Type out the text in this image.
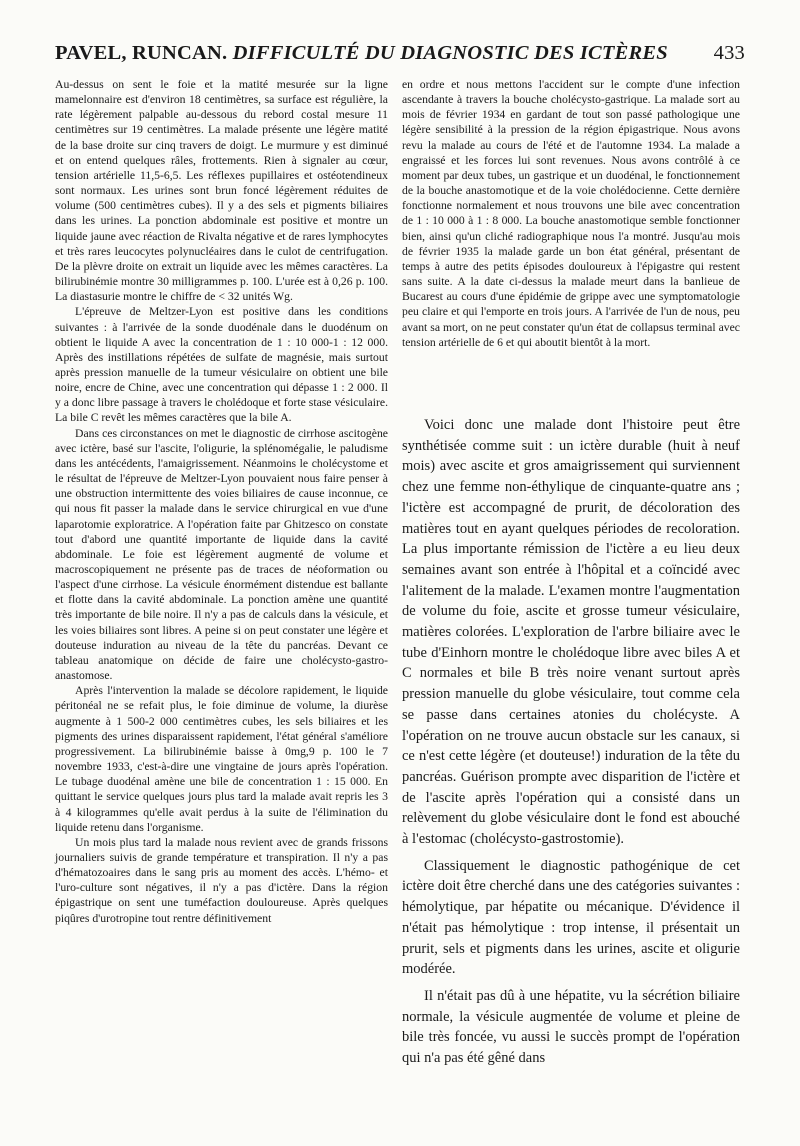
PAVEL, RUNCAN. DIFFICULTÉ DU DIAGNOSTIC DES ICTÈRES 433

Au-dessus on sent le foie et la matité mesurée sur la ligne mamelonnaire est d'environ 18 centimètres, sa surface est régulière, la rate légèrement palpable au-dessous du rebord costal mesure 11 centimètres sur 19 centimètres. La malade présente une légère matité de la base droite sur cinq travers de doigt. Le murmure y est diminué et on entend quelques râles, frottements. Rien à signaler au cœur, tension artérielle 11,5-6,5. Les réflexes pupillaires et ostéotendineux sont normaux. Les urines sont brun foncé légèrement réduites de volume (500 centimètres cubes). Il y a des sels et pigments biliaires dans les urines. La ponction abdominale est positive et montre un liquide jaune avec réaction de Rivalta négative et de rares lymphocytes et très rares leucocytes polynucléaires dans le culot de centrifugation. De la plèvre droite on extrait un liquide avec les mêmes caractères. La bilirubinémie montre 30 milligrammes p. 100. L'urée est à 0,26 p. 100. La diastasurie montre le chiffre de < 32 unités Wg.

L'épreuve de Meltzer-Lyon est positive dans les conditions suivantes : à l'arrivée de la sonde duodénale dans le duodénum on obtient le liquide A avec la concentration de 1 : 10 000-1 : 12 000. Après des instillations répétées de sulfate de magnésie, mais surtout après pression manuelle de la tumeur vésiculaire on obtient une bile noire, encre de Chine, avec une concentration qui dépasse 1 : 2 000. Il y a donc libre passage à travers le cholédoque et forte stase vésiculaire. La bile C revêt les mêmes caractères que la bile A.

Dans ces circonstances on met le diagnostic de cirrhose ascitogène avec ictère, basé sur l'ascite, l'oligurie, la splénomégalie, le paludisme dans les antécédents, l'amaigrissement. Néanmoins le cholécystome et le résultat de l'épreuve de Meltzer-Lyon pouvaient nous faire penser à une obstruction intermittente des voies biliaires de cause inconnue, ce qui nous fit passer la malade dans le service chirurgical en vue d'une laparotomie exploratrice. A l'opération faite par Ghitzesco on constate tout d'abord une quantité importante de liquide dans la cavité abdominale. Le foie est légèrement augmenté de volume et macroscopiquement ne présente pas de traces de néoformation ou l'aspect d'une cirrhose. La vésicule énormément distendue est ballante et flotte dans la cavité abdominale. La ponction amène une quantité très importante de bile noire. Il n'y a pas de calculs dans la vésicule, et les voies biliaires sont libres. A peine si on peut constater une légère et douteuse induration au niveau de la tête du pancréas. Devant ce tableau anatomique on décide de faire une cholécysto-gastro-anastomose.

Après l'intervention la malade se décolore rapidement, le liquide péritonéal ne se refait plus, le foie diminue de volume, la diurèse augmente à 1 500-2 000 centimètres cubes, les sels biliaires et les pigments des urines disparaissent rapidement, l'état général s'améliore progressivement. La bilirubinémie baisse à 0mg,9 p. 100 le 7 novembre 1933, c'est-à-dire une vingtaine de jours après l'opération. Le tubage duodénal amène une bile de concentration 1 : 15 000. En quittant le service quelques jours plus tard la malade avait repris les 3 à 4 kilogrammes qu'elle avait perdus à la suite de l'élimination du liquide retenu dans l'organisme.

Un mois plus tard la malade nous revient avec de grands frissons journaliers suivis de grande température et transpiration. Il n'y a pas d'hématozoaires dans le sang pris au moment des accès. L'hémo- et l'uro-culture sont négatives, il n'y a pas d'ictère. Dans la région épigastrique on sent une tuméfaction douloureuse. Après quelques piqûres d'urotropine tout rentre définitivement

en ordre et nous mettons l'accident sur le compte d'une infection ascendante à travers la bouche cholécysto-gastrique. La malade sort au mois de février 1934 en gardant de tout son passé pathologique une légère sensibilité à la pression de la région épigastrique. Nous avons revu la malade au cours de l'été et de l'automne 1934. La malade a engraissé et les forces lui sont revenues. Nous avons contrôlé à ce moment par deux tubes, un gastrique et un duodénal, le fonctionnement de la bouche anastomotique et de la voie cholédocienne. Cette dernière fonctionne normalement et nous trouvons une bile avec concentration de 1 : 10 000 à 1 : 8 000. La bouche anastomotique semble fonctionner bien, ainsi qu'un cliché radiographique nous l'a montré. Jusqu'au mois de février 1935 la malade garde un bon état général, présentant de temps à autre des petits épisodes douloureux à l'épigastre qui restent sans suite. A la date ci-dessus la malade meurt dans la banlieue de Bucarest au cours d'une épidémie de grippe avec une symptomatologie peu claire et qui l'emporte en trois jours. A l'arrivée de l'un de nous, peu avant sa mort, on ne peut constater qu'un état de collapsus terminal avec tension artérielle de 6 et qui aboutit bientôt à la mort.

Voici donc une malade dont l'histoire peut être synthétisée comme suit : un ictère durable (huit à neuf mois) avec ascite et gros amaigrissement qui surviennent chez une femme non-éthylique de cinquante-quatre ans ; l'ictère est accompagné de prurit, de décoloration des matières tout en ayant quelques périodes de recoloration. La plus importante rémission de l'ictère a eu lieu deux semaines avant son entrée à l'hôpital et a coïncidé avec l'alitement de la malade. L'examen montre l'augmentation de volume du foie, ascite et grosse tumeur vésiculaire, matières colorées. L'exploration de l'arbre biliaire avec le tube d'Einhorn montre le cholédoque libre avec biles A et C normales et bile B très noire venant surtout après pression manuelle du globe vésiculaire, tout comme cela se passe dans certaines atonies du cholécyste. A l'opération on ne trouve aucun obstacle sur les canaux, si ce n'est cette légère (et douteuse!) induration de la tête du pancréas. Guérison prompte avec disparition de l'ictère et de l'ascite après l'opération qui a consisté dans un relèvement du globe vésiculaire dont le fond est abouché à l'estomac (cholécysto-gastrostomie).

Classiquement le diagnostic pathogénique de cet ictère doit être cherché dans une des catégories suivantes : hémolytique, par hépatite ou mécanique. D'évidence il n'était pas hémolytique : trop intense, il présentait un prurit, sels et pigments dans les urines, ascite et oligurie modérée.

Il n'était pas dû à une hépatite, vu la sécrétion biliaire normale, la vésicule augmentée de volume et pleine de bile très foncée, vu aussi le succès prompt de l'opération qui n'a pas été gêné dans
